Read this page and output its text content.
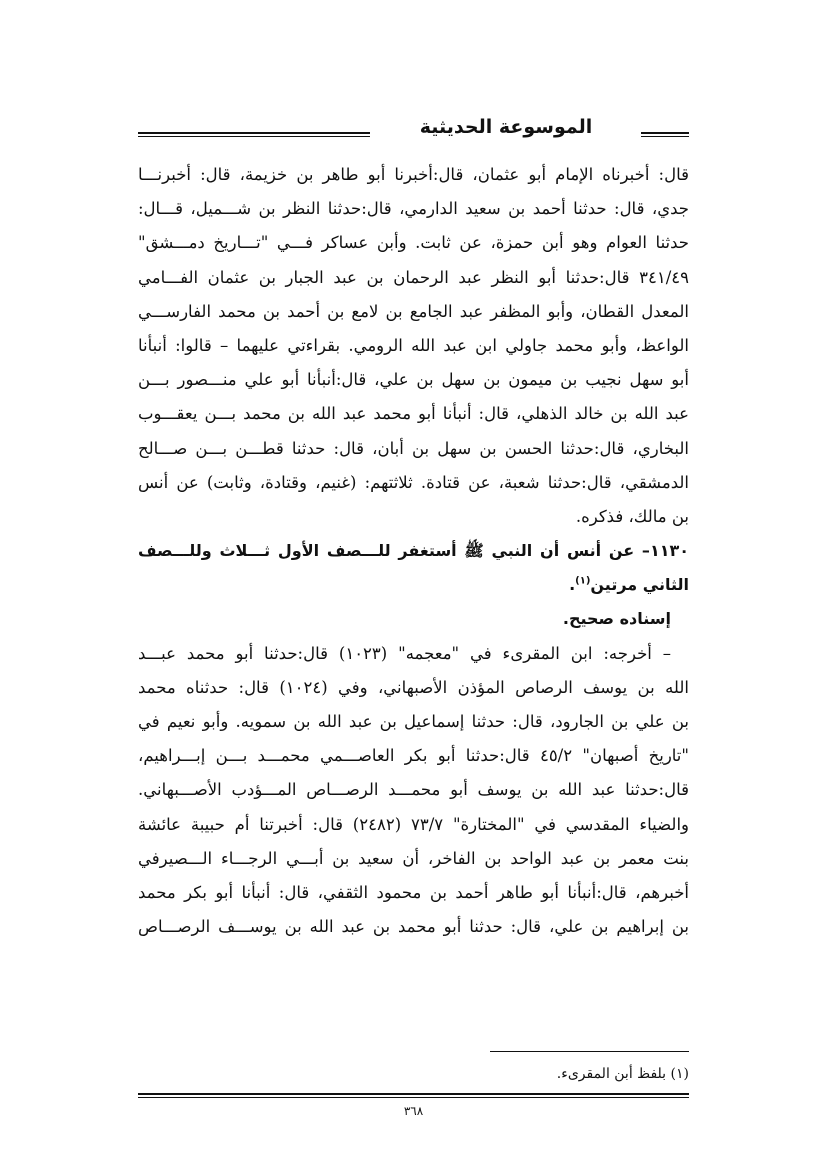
الموسوعة الحديثية
قال: أخبرناه الإمام أبو عثمان، قال:أخبرنا أبو طاهر بن خزيمة، قال: أخبرنـــا
جدي، قال: حدثنا أحمد بن سعيد الدارمي، قال:حدثنا النظر بن شـــميل، قـــال:
حدثنا العوام وهو أبن حمزة، عن ثابت. وأبن عساكر فـــي "تـــاريخ دمـــشق"
٣٤١/٤٩ قال:حدثنا أبو النظر عبد الرحمان بن عبد الجبار بن عثمان الفـــامي
المعدل القطان، وأبو المظفر عبد الجامع بن لامع بن أحمد بن محمد الفارســـي
الواعظ، وأبو محمد جاولي ابن عبد الله الرومي. بقراءتي عليهما – قالوا: أنبأنا
أبو سهل نجيب بن ميمون بن سهل بن علي، قال:أنبأنا أبو علي منـــصور بـــن
عبد الله بن خالد الذهلي، قال: أنبأنا أبو محمد عبد الله بن محمد بـــن يعقـــوب
البخاري، قال:حدثنا الحسن بن سهل بن أبان، قال: حدثنا قطـــن بـــن صـــالح
الدمشقي، قال:حدثنا شعبة، عن قتادة. ثلاثتهم: (غنيم، وقتادة، وثابت) عن أنس
بن مالك، فذكره.
١١٣٠– عن أنس أن النبي ﷺ أستغفر للـــصف الأول ثـــلاث وللـــصف
الثاني مرتين$^{(١)}$.
إسناده صحيح.
– أخرجه: ابن المقرىء في "معجمه" (١٠٢٣) قال:حدثنا أبو محمد عبـــد
الله بن يوسف الرصاص المؤذن الأصبهاني، وفي (١٠٢٤) قال: حدثناه محمد
بن علي بن الجارود، قال: حدثنا إسماعيل بن عبد الله بن سمويه. وأبو نعيم في
"تاريخ أصبهان" ٤٥/٢ قال:حدثنا أبو بكر العاصـــمي محمـــد بـــن إبـــراهيم،
قال:حدثنا عبد الله بن يوسف أبو محمـــد الرصـــاص المـــؤدب الأصـــبهاني.
والضياء المقدسي في "المختارة" ٧٣/٧ (٢٤٨٢) قال: أخبرتنا أم حبيبة عائشة
بنت معمر بن عبد الواحد بن الفاخر، أن سعيد بن أبـــي الرجـــاء الـــصيرفي
أخبرهم، قال:أنبأنا أبو طاهر أحمد بن محمود الثقفي، قال: أنبأنا أبو بكر محمد
بن إبراهيم بن علي، قال: حدثنا أبو محمد بن عبد الله بن يوســـف الرصـــاص
(١) بلفظ أبن المقرىء.
٣٦٨
